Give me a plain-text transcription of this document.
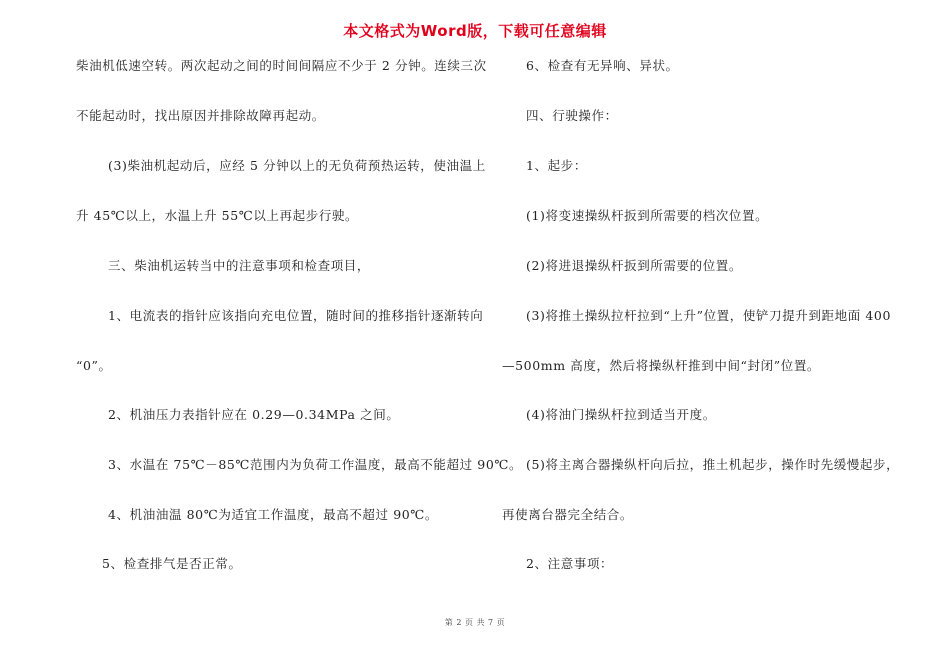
本文格式为Word版，下载可任意编辑
柴油机低速空转。两次起动之间的时间间隔应不少于 2 分钟。连续三次
不能起动时，找出原因并排除故障再起动。
(3)柴油机起动后，应经 5 分钟以上的无负荷预热运转，使油温上
升 45℃以上，水温上升 55℃以上再起步行驶。
三、柴油机运转当中的注意事项和检查项目，
1、电流表的指针应该指向充电位置，随时间的推移指针逐渐转向
“0”。
2、机油压力表指针应在 0.29—0.34MPa 之间。
3、水温在 75℃－85℃范围内为负荷工作温度，最高不能超过 90℃。
4、机油油温 80℃为适宜工作温度，最高不超过 90℃。
5、检查排气是否正常。
6、检查有无异响、异状。
四、行驶操作：
1、起步：
(1)将变速操纵杆扳到所需要的档次位置。
(2)将进退操纵杆扳到所需要的位置。
(3)将推土操纵拉杆拉到“上升”位置，使铲刀提升到距地面 400
—500mm 高度，然后将操纵杆推到中间“封闭”位置。
(4)将油门操纵杆拉到适当开度。
(5)将主离合器操纵杆向后拉，推土机起步，操作时先缓慢起步，
再使离台器完全结合。
2、注意事项：
第 2 页 共 7 页
